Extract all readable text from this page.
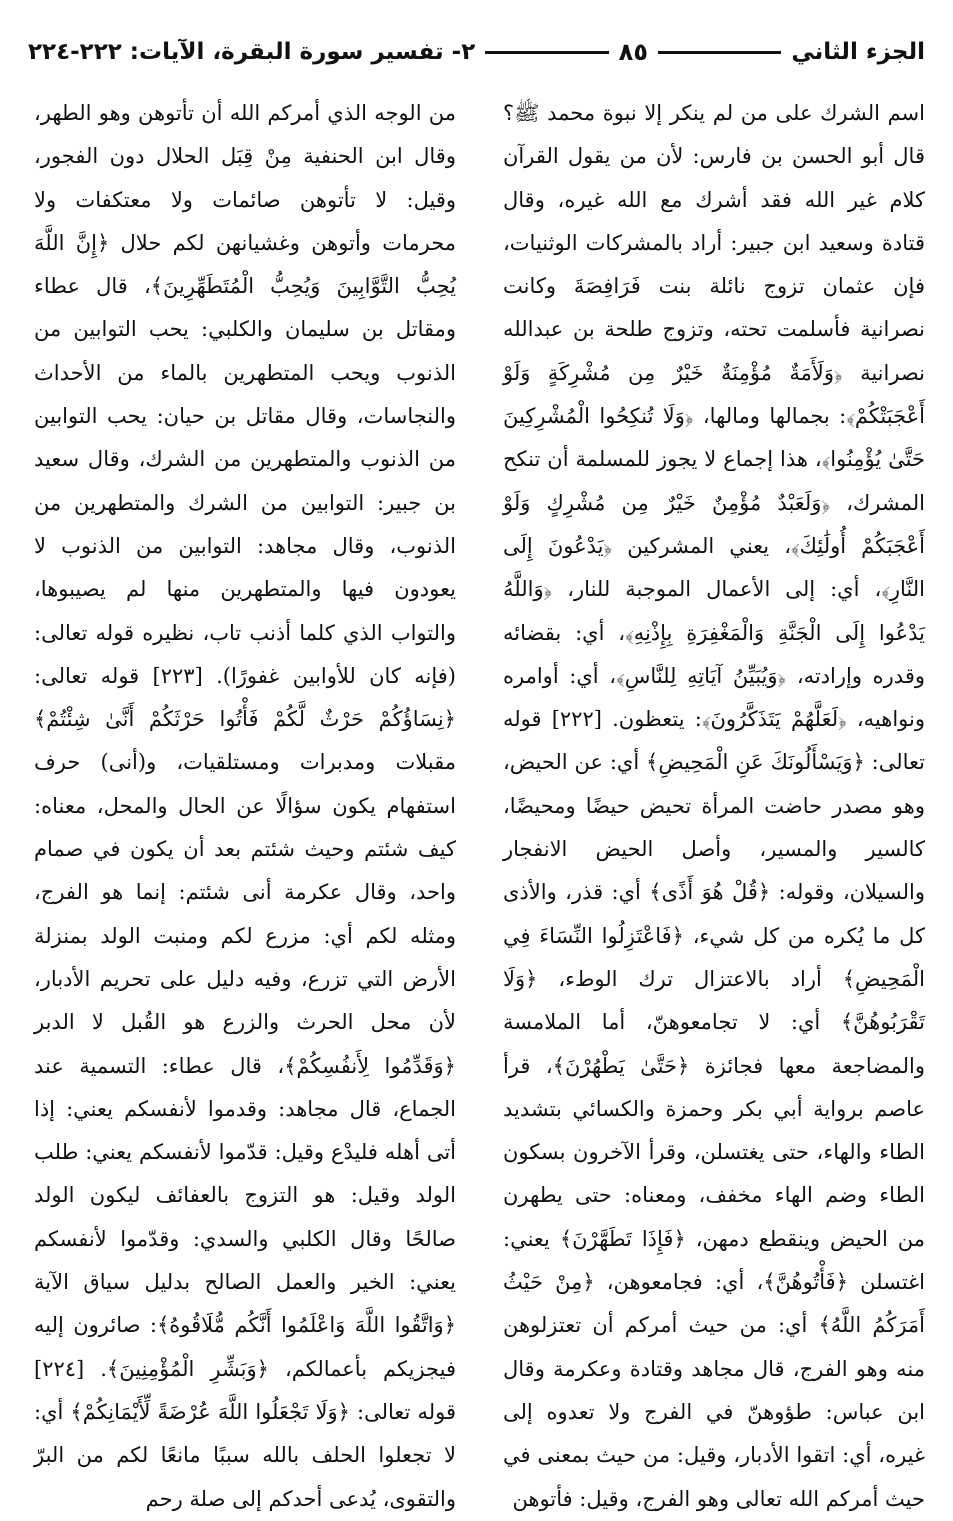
الجزء الثاني
٨٥
٢- تفسير سورة البقرة، الآيات: ٢٢٢-٢٢٤

اسم الشرك على من لم ينكر إلا نبوة محمد ﷺ؟ قال أبو الحسن بن فارس: لأن من يقول القرآن كلام غير الله فقد أشرك مع الله غيره، وقال قتادة وسعيد ابن جبير: أراد بالمشركات الوثنيات، فإن عثمان تزوج نائلة بنت فَرَافِصَةَ وكانت نصرانية فأسلمت تحته، وتزوج طلحة بن عبدالله نصرانية ﴿وَلَأَمَةٌ مُؤْمِنَةٌ خَيْرٌ مِن مُشْرِكَةٍ وَلَوْ أَعْجَبَتْكُمْ﴾: بجمالها ومالها، ﴿وَلَا تُنكِحُوا الْمُشْرِكِينَ حَتَّىٰ يُؤْمِنُوا﴾، هذا إجماع لا يجوز للمسلمة أن تنكح المشرك، ﴿وَلَعَبْدٌ مُؤْمِنٌ خَيْرٌ مِن مُشْرِكٍ وَلَوْ أَعْجَبَكُمْ أُولَٰئِكَ﴾، يعني المشركين ﴿يَدْعُونَ إِلَى النَّارِ﴾، أي: إلى الأعمال الموجبة للنار، ﴿وَاللَّهُ يَدْعُوا إِلَى الْجَنَّةِ وَالْمَغْفِرَةِ بِإِذْنِهِ﴾، أي: بقضائه وقدره وإرادته، ﴿وَيُبَيِّنُ آيَاتِهِ لِلنَّاسِ﴾، أي: أوامره ونواهيه، ﴿لَعَلَّهُمْ يَتَذَكَّرُونَ﴾: يتعظون. [٢٢٢] قوله تعالى: ﴿وَيَسْأَلُونَكَ عَنِ الْمَحِيضِ﴾ أي: عن الحيض، وهو مصدر حاضت المرأة تحيض حيضًا ومحيضًا، كالسير والمسير، وأصل الحيض الانفجار والسيلان، وقوله: ﴿قُلْ هُوَ أَذًى﴾ أي: قذر، والأذى كل ما يُكره من كل شيء، ﴿فَاعْتَزِلُوا النِّسَاءَ فِي الْمَحِيضِ﴾ أراد بالاعتزال ترك الوطء، ﴿وَلَا تَقْرَبُوهُنَّ﴾ أي: لا تجامعوهنّ، أما الملامسة والمضاجعة معها فجائزة ﴿حَتَّىٰ يَطْهُرْنَ﴾، قرأ عاصم برواية أبي بكر وحمزة والكسائي بتشديد الطاء والهاء، حتى يغتسلن، وقرأ الآخرون بسكون الطاء وضم الهاء مخفف، ومعناه: حتى يطهرن من الحيض وينقطع دمهن، ﴿فَإِذَا تَطَهَّرْنَ﴾ يعني: اغتسلن ﴿فَأْتُوهُنَّ﴾، أي: فجامعوهن، ﴿مِنْ حَيْثُ أَمَرَكُمُ اللَّهُ﴾ أي: من حيث أمركم أن تعتزلوهن منه وهو الفرج، قال مجاهد وقتادة وعكرمة وقال ابن عباس: طؤوهنّ في الفرج ولا تعدوه إلى غيره، أي: اتقوا الأدبار، وقيل: من حيث بمعنى في حيث أمركم الله تعالى وهو الفرج، وقيل: فأتوهن

من الوجه الذي أمركم الله أن تأتوهن وهو الطهر، وقال ابن الحنفية مِنْ قِبَل الحلال دون الفجور، وقيل: لا تأتوهن صائمات ولا معتكفات ولا محرمات وأتوهن وغشيانهن لكم حلال ﴿إِنَّ اللَّهَ يُحِبُّ التَّوَّابِينَ وَيُحِبُّ الْمُتَطَهِّرِينَ﴾، قال عطاء ومقاتل بن سليمان والكلبي: يحب التوابين من الذنوب ويحب المتطهرين بالماء من الأحداث والنجاسات، وقال مقاتل بن حيان: يحب التوابين من الذنوب والمتطهرين من الشرك، وقال سعيد بن جبير: التوابين من الشرك والمتطهرين من الذنوب، وقال مجاهد: التوابين من الذنوب لا يعودون فيها والمتطهرين منها لم يصيبوها، والتواب الذي كلما أذنب تاب، نظيره قوله تعالى: (فإنه كان للأوابين غفورًا). [٢٢٣] قوله تعالى: ﴿نِسَاؤُكُمْ حَرْثٌ لَّكُمْ فَأْتُوا حَرْثَكُمْ أَنَّىٰ شِئْتُمْ﴾ مقبلات ومدبرات ومستلقيات، و(أنى) حرف استفهام يكون سؤالًا عن الحال والمحل، معناه: كيف شئتم وحيث شئتم بعد أن يكون في صمام واحد، وقال عكرمة أنى شئتم: إنما هو الفرج، ومثله لكم أي: مزرع لكم ومنبت الولد بمنزلة الأرض التي تزرع، وفيه دليل على تحريم الأدبار، لأن محل الحرث والزرع هو القُبل لا الدبر ﴿وَقَدِّمُوا لِأَنفُسِكُمْ﴾، قال عطاء: التسمية عند الجماع، قال مجاهد: وقدموا لأنفسكم يعني: إذا أتى أهله فليدْع وقيل: قدّموا لأنفسكم يعني: طلب الولد وقيل: هو التزوج بالعفائف ليكون الولد صالحًا وقال الكلبي والسدي: وقدّموا لأنفسكم يعني: الخير والعمل الصالح بدليل سياق الآية ﴿وَاتَّقُوا اللَّهَ وَاعْلَمُوا أَنَّكُم مُّلَاقُوهُ﴾: صائرون إليه فيجزيكم بأعمالكم، ﴿وَبَشِّرِ الْمُؤْمِنِينَ﴾. [٢٢٤] قوله تعالى: ﴿وَلَا تَجْعَلُوا اللَّهَ عُرْضَةً لِّأَيْمَانِكُمْ﴾ أي: لا تجعلوا الحلف بالله سببًا مانعًا لكم من البرّ والتقوى، يُدعى أحدكم إلى صلة رحم
